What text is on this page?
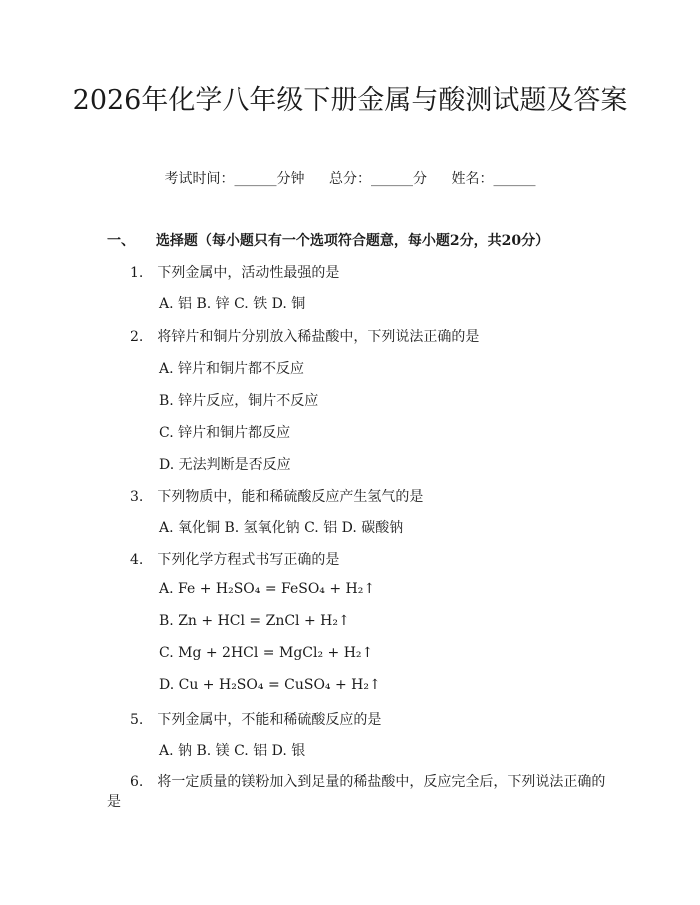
2026年化学八年级下册金属与酸测试题及答案
考试时间：______分钟 总分：______分 姓名：______
一、 选择题（每小题只有一个选项符合题意，每小题2分，共20分）
1. 下列金属中，活动性最强的是
A. 铝 B. 锌 C. 铁 D. 铜
2. 将锌片和铜片分别放入稀盐酸中，下列说法正确的是
A. 锌片和铜片都不反应
B. 锌片反应，铜片不反应
C. 锌片和铜片都反应
D. 无法判断是否反应
3. 下列物质中，能和稀硫酸反应产生氢气的是
A. 氧化铜 B. 氢氧化钠 C. 铝 D. 碳酸钠
4. 下列化学方程式书写正确的是
A. Fe + H₂SO₄ = FeSO₄ + H₂↑
B. Zn + HCl = ZnCl + H₂↑
C. Mg + 2HCl = MgCl₂ + H₂↑
D. Cu + H₂SO₄ = CuSO₄ + H₂↑
5. 下列金属中，不能和稀硫酸反应的是
A. 钠 B. 镁 C. 铝 D. 银
6. 将一定质量的镁粉加入到足量的稀盐酸中，反应完全后，下列说法正确的是
